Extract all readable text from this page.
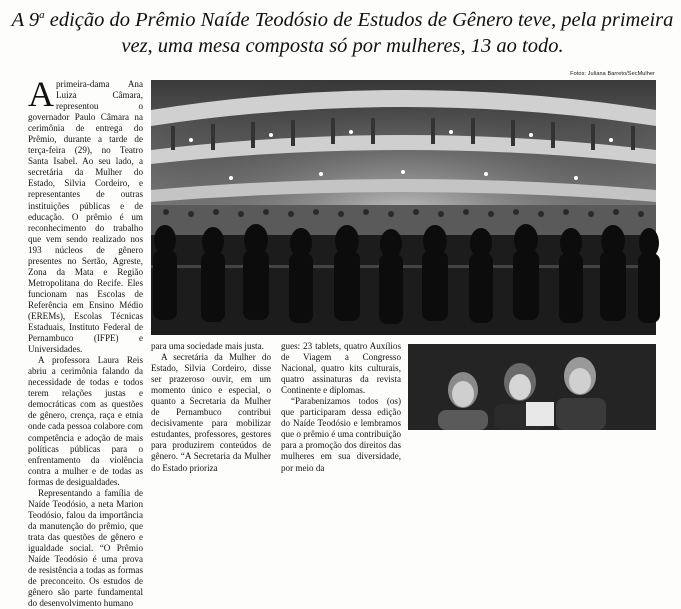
A 9$^a$ edição do Prêmio Naíde Teodósio de Estudos de Gênero teve, pela primeira vez, uma mesa composta só por mulheres, 13 ao todo.
Fotos: Juliana Barreto/SecMulher

Aprimeira-dama Ana Luiza Câmara, representou o governador Paulo Câmara na cerimônia de entrega do Prêmio, durante a tarde de terça-feira (29), no Teatro Santa Isabel. Ao seu lado, a secretária da Mulher do Estado, Silvia Cordeiro, e representantes de outras instituições públicas e de educação. O prêmio é um reconhecimento do trabalho que vem sendo realizado nos 193 núcleos de gênero presentes no Sertão, Agreste, Zona da Mata e Região Metropolitana do Recife. Eles funcionam nas Escolas de Referência em Ensino Médio (EREMs), Escolas Técnicas Estaduais, Instituto Federal de Pernambuco (IFPE) e Universidades.

A professora Laura Reis abriu a cerimônia falando da necessidade de todas e todos terem relações justas e democráticas com as questões de gênero, crença, raça e etnia onde cada pessoa colabore com competência e adoção de mais políticas públicas para o enfrentamento da violência contra a mulher e de todas as formas de desigualdades.

Representando a família de Naíde Teodósio, a neta Marion Teodósio, falou da importância da manutenção do prêmio, que trata das questões de gênero e igualdade social. “O Prêmio Naíde Teodósio é uma prova de resistência a todas as formas de preconceito. Os estudos de gênero são parte fundamental do desenvolvimento humano

para uma sociedade mais justa.

A secretária da Mulher do Estado, Silvia Cordeiro, disse ser prazeroso ouvir, em um momento único e especial, o quanto a Secretaria da Mulher de Pernambuco contribui decisivamente para mobilizar estudantes, professores, gestores para produzirem conteúdos de gênero. “A Secretaria da Mulher do Estado prioriza

gues: 23 tablets, quatro Auxílios de Viagem a Congresso Nacional, quatro kits culturais, quatro assinaturas da revista Continente e diplomas.

“Parabenizamos todos (os) que participaram dessa edição do Naíde Teodósio e lembramos que o prêmio é uma contribuição para a promoção dos direitos das mulheres em sua diversidade, por meio da
